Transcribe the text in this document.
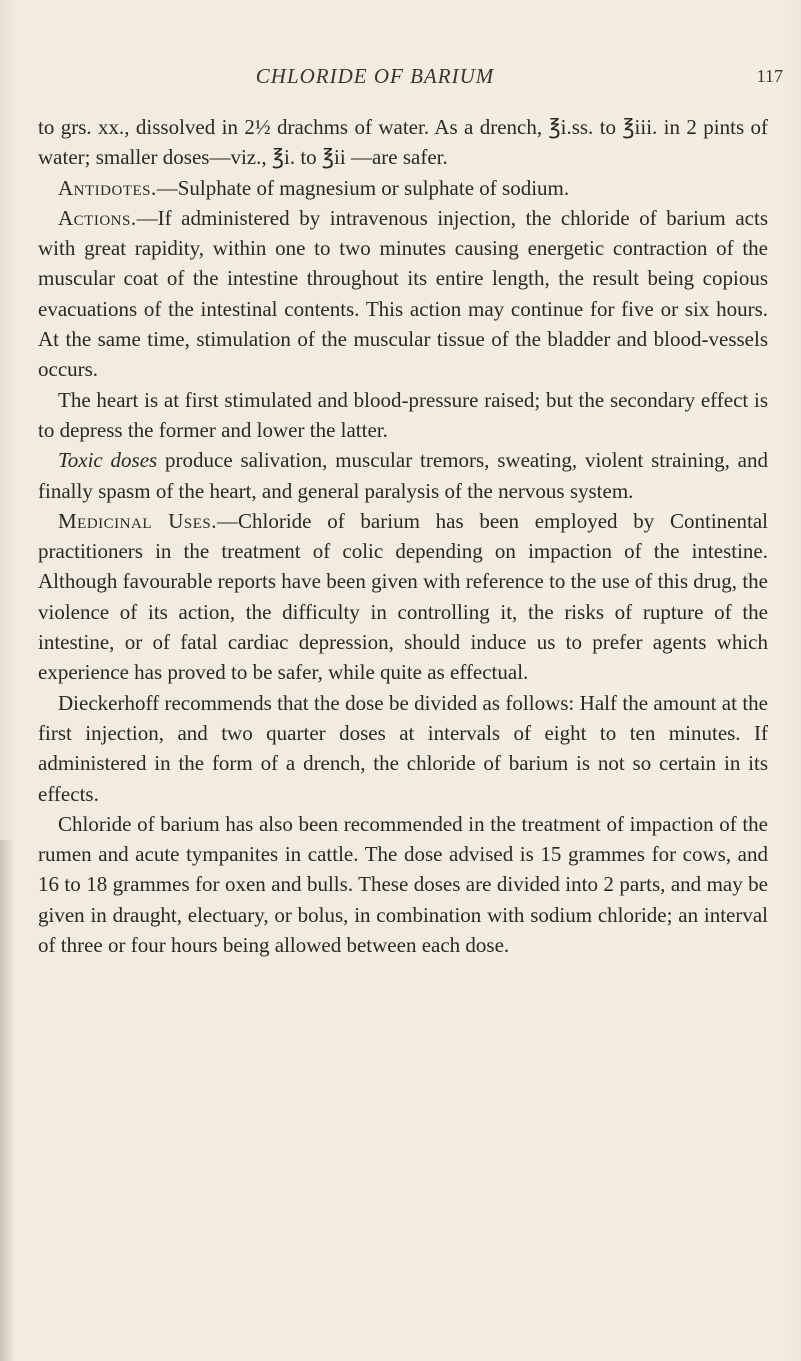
CHLORIDE OF BARIUM	117

to grs. xx., dissolved in 2½ drachms of water. As a drench, ℥i.ss. to ℥iii. in 2 pints of water; smaller doses—viz., ℥i. to ℥ii —are safer.

Antidotes.—Sulphate of magnesium or sulphate of sodium.

Actions.—If administered by intravenous injection, the chloride of barium acts with great rapidity, within one to two minutes causing energetic contraction of the muscular coat of the intestine throughout its entire length, the result being copious evacuations of the intestinal contents. This action may continue for five or six hours. At the same time, stimulation of the muscular tissue of the bladder and blood-vessels occurs.

The heart is at first stimulated and blood-pressure raised; but the secondary effect is to depress the former and lower the latter.

Toxic doses produce salivation, muscular tremors, sweating, violent straining, and finally spasm of the heart, and general paralysis of the nervous system.

Medicinal Uses.—Chloride of barium has been employed by Continental practitioners in the treatment of colic depending on impaction of the intestine. Although favourable reports have been given with reference to the use of this drug, the violence of its action, the difficulty in controlling it, the risks of rupture of the intestine, or of fatal cardiac depression, should induce us to prefer agents which experience has proved to be safer, while quite as effectual.

Dieckerhoff recommends that the dose be divided as follows: Half the amount at the first injection, and two quarter doses at intervals of eight to ten minutes. If administered in the form of a drench, the chloride of barium is not so certain in its effects.

Chloride of barium has also been recommended in the treatment of impaction of the rumen and acute tympanites in cattle. The dose advised is 15 grammes for cows, and 16 to 18 grammes for oxen and bulls. These doses are divided into 2 parts, and may be given in draught, electuary, or bolus, in combination with sodium chloride; an interval of three or four hours being allowed between each dose.
